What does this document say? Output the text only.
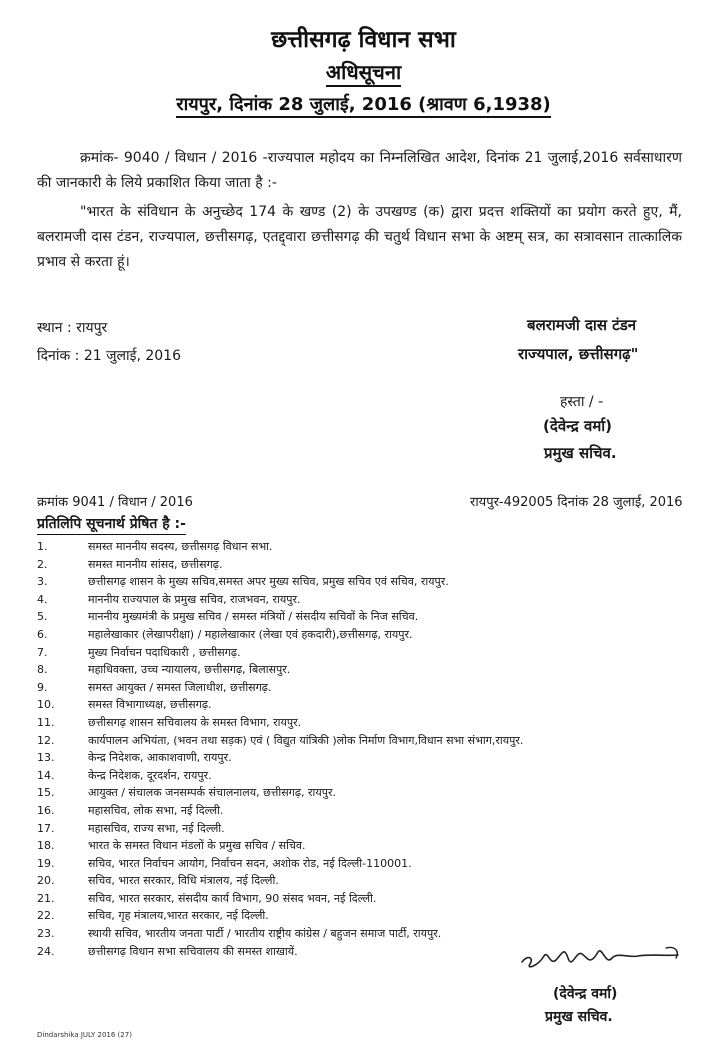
छत्तीसगढ़ विधान सभा
अधिसूचना
रायपुर, दिनांक 28 जुलाई, 2016 (श्रावण 6,1938)
क्रमांक- 9040 / विधान / 2016 -राज्यपाल महोदय का निम्नलिखित आदेश, दिनांक 21 जुलाई,2016 सर्वसाधारण की जानकारी के लिये प्रकाशित किया जाता है :-
"भारत के संविधान के अनुच्छेद 174 के खण्ड (2) के उपखण्ड (क) द्वारा प्रदत्त शक्तियों का प्रयोग करते हुए, मैं, बलरामजी दास टंडन, राज्यपाल, छत्तीसगढ़, एतद्द्वारा छत्तीसगढ़ की चतुर्थ विधान सभा के अष्टम् सत्र, का सत्रावसान तात्कालिक प्रभाव से करता हूं।
स्थान : रायपुर
दिनांक : 21 जुलाई, 2016
बलरामजी दास टंडन
राज्यपाल, छत्तीसगढ़"
हस्ता / -
(देवेन्द्र वर्मा)
प्रमुख सचिव.
क्रमांक 9041 / विधान / 2016	रायपुर-492005 दिनांक 28 जुलाई, 2016
प्रतिलिपि सूचनार्थ प्रेषित है :-
1.	समस्त माननीय सदस्य, छत्तीसगढ़ विधान सभा.
2.	समस्त माननीय सांसद, छत्तीसगढ़.
3.	छत्तीसगढ़ शासन के मुख्य सचिव,समस्त अपर मुख्य सचिव, प्रमुख सचिव एवं सचिव, रायपुर.
4.	माननीय राज्यपाल के प्रमुख सचिव, राजभवन, रायपुर.
5.	माननीय मुख्यमंत्री के प्रमुख सचिव / समस्त मंत्रियों / संसदीय सचिवों के निज सचिव.
6.	महालेखाकार (लेखापरीक्षा) / महालेखाकार (लेखा एवं हकदारी),छत्तीसगढ़, रायपुर.
7.	मुख्य निर्वाचन पदाधिकारी , छत्तीसगढ़.
8.	महाधिवक्ता, उच्च न्यायालय, छत्तीसगढ़, बिलासपुर.
9.	समस्त आयुक्त / समस्त जिलाधीश, छत्तीसगढ़.
10.	समस्त विभागाध्यक्ष, छत्तीसगढ़.
11.	छत्तीसगढ़ शासन सचिवालय के समस्त विभाग, रायपुर.
12.	कार्यपालन अभियंता, (भवन तथा सड़क) एवं ( विद्युत यांत्रिकी )लोक निर्माण विभाग,विधान सभा संभाग,रायपुर.
13.	केन्द्र निदेशक, आकाशवाणी, रायपुर.
14.	केन्द्र निदेशक, दूरदर्शन, रायपुर.
15.	आयुक्त / संचालक जनसम्पर्क संचालनालय, छत्तीसगढ़, रायपुर.
16.	महासचिव, लोक सभा, नई दिल्ली.
17.	महासचिव, राज्य सभा, नई दिल्ली.
18.	भारत के समस्त विधान मंडलों के प्रमुख सचिव / सचिव.
19.	सचिव, भारत निर्वाचन आयोग, निर्वाचन सदन, अशोक रोड, नई दिल्ली-110001.
20.	सचिव, भारत सरकार, विधि मंत्रालय, नई दिल्ली.
21.	सचिव, भारत सरकार, संसदीय कार्य विभाग, 90 संसद भवन, नई दिल्ली.
22.	सचिव, गृह मंत्रालय,भारत सरकार, नई दिल्ली.
23.	स्थायी सचिव, भारतीय जनता पार्टी / भारतीय राष्ट्रीय कांग्रेस / बहुजन समाज पार्टी, रायपुर.
24.	छत्तीसगढ़ विधान सभा सचिवालय की समस्त शाखायें.
(देवेन्द्र वर्मा)
प्रमुख सचिव.
Dindarshika JULY 2016 (27)
